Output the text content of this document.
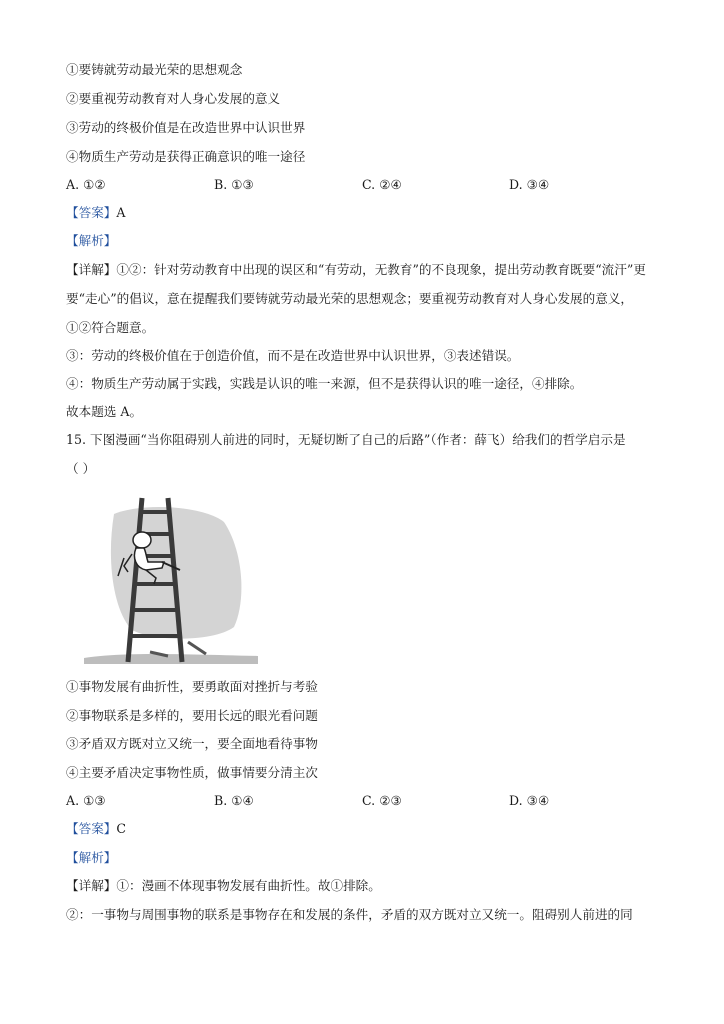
①要铸就劳动最光荣的思想观念
②要重视劳动教育对人身心发展的意义
③劳动的终极价值是在改造世界中认识世界
④物质生产劳动是获得正确意识的唯一途径
A. ①②	B. ①③	C. ②④	D. ③④
【答案】A
【解析】
【详解】①②：针对劳动教育中出现的误区和“有劳动，无教育”的不良现象，提出劳动教育既要“流汗”更
要“走心”的倡议，意在提醒我们要铸就劳动最光荣的思想观念；要重视劳动教育对人身心发展的意义，
①②符合题意。
③：劳动的终极价值在于创造价值，而不是在改造世界中认识世界，③表述错误。
④：物质生产劳动属于实践，实践是认识的唯一来源，但不是获得认识的唯一途径，④排除。
故本题选 A。
15. 下图漫画“当你阻碍别人前进的同时，无疑切断了自己的后路”（作者：薛飞）给我们的哲学启示是
（ ）
①事物发展有曲折性，要勇敢面对挫折与考验
②事物联系是多样的，要用长远的眼光看问题
③矛盾双方既对立又统一，要全面地看待事物
④主要矛盾决定事物性质，做事情要分清主次
A. ①③	B. ①④	C. ②③	D. ③④
【答案】C
【解析】
【详解】①：漫画不体现事物发展有曲折性。故①排除。
②：一事物与周围事物的联系是事物存在和发展的条件，矛盾的双方既对立又统一。阻碍别人前进的同
